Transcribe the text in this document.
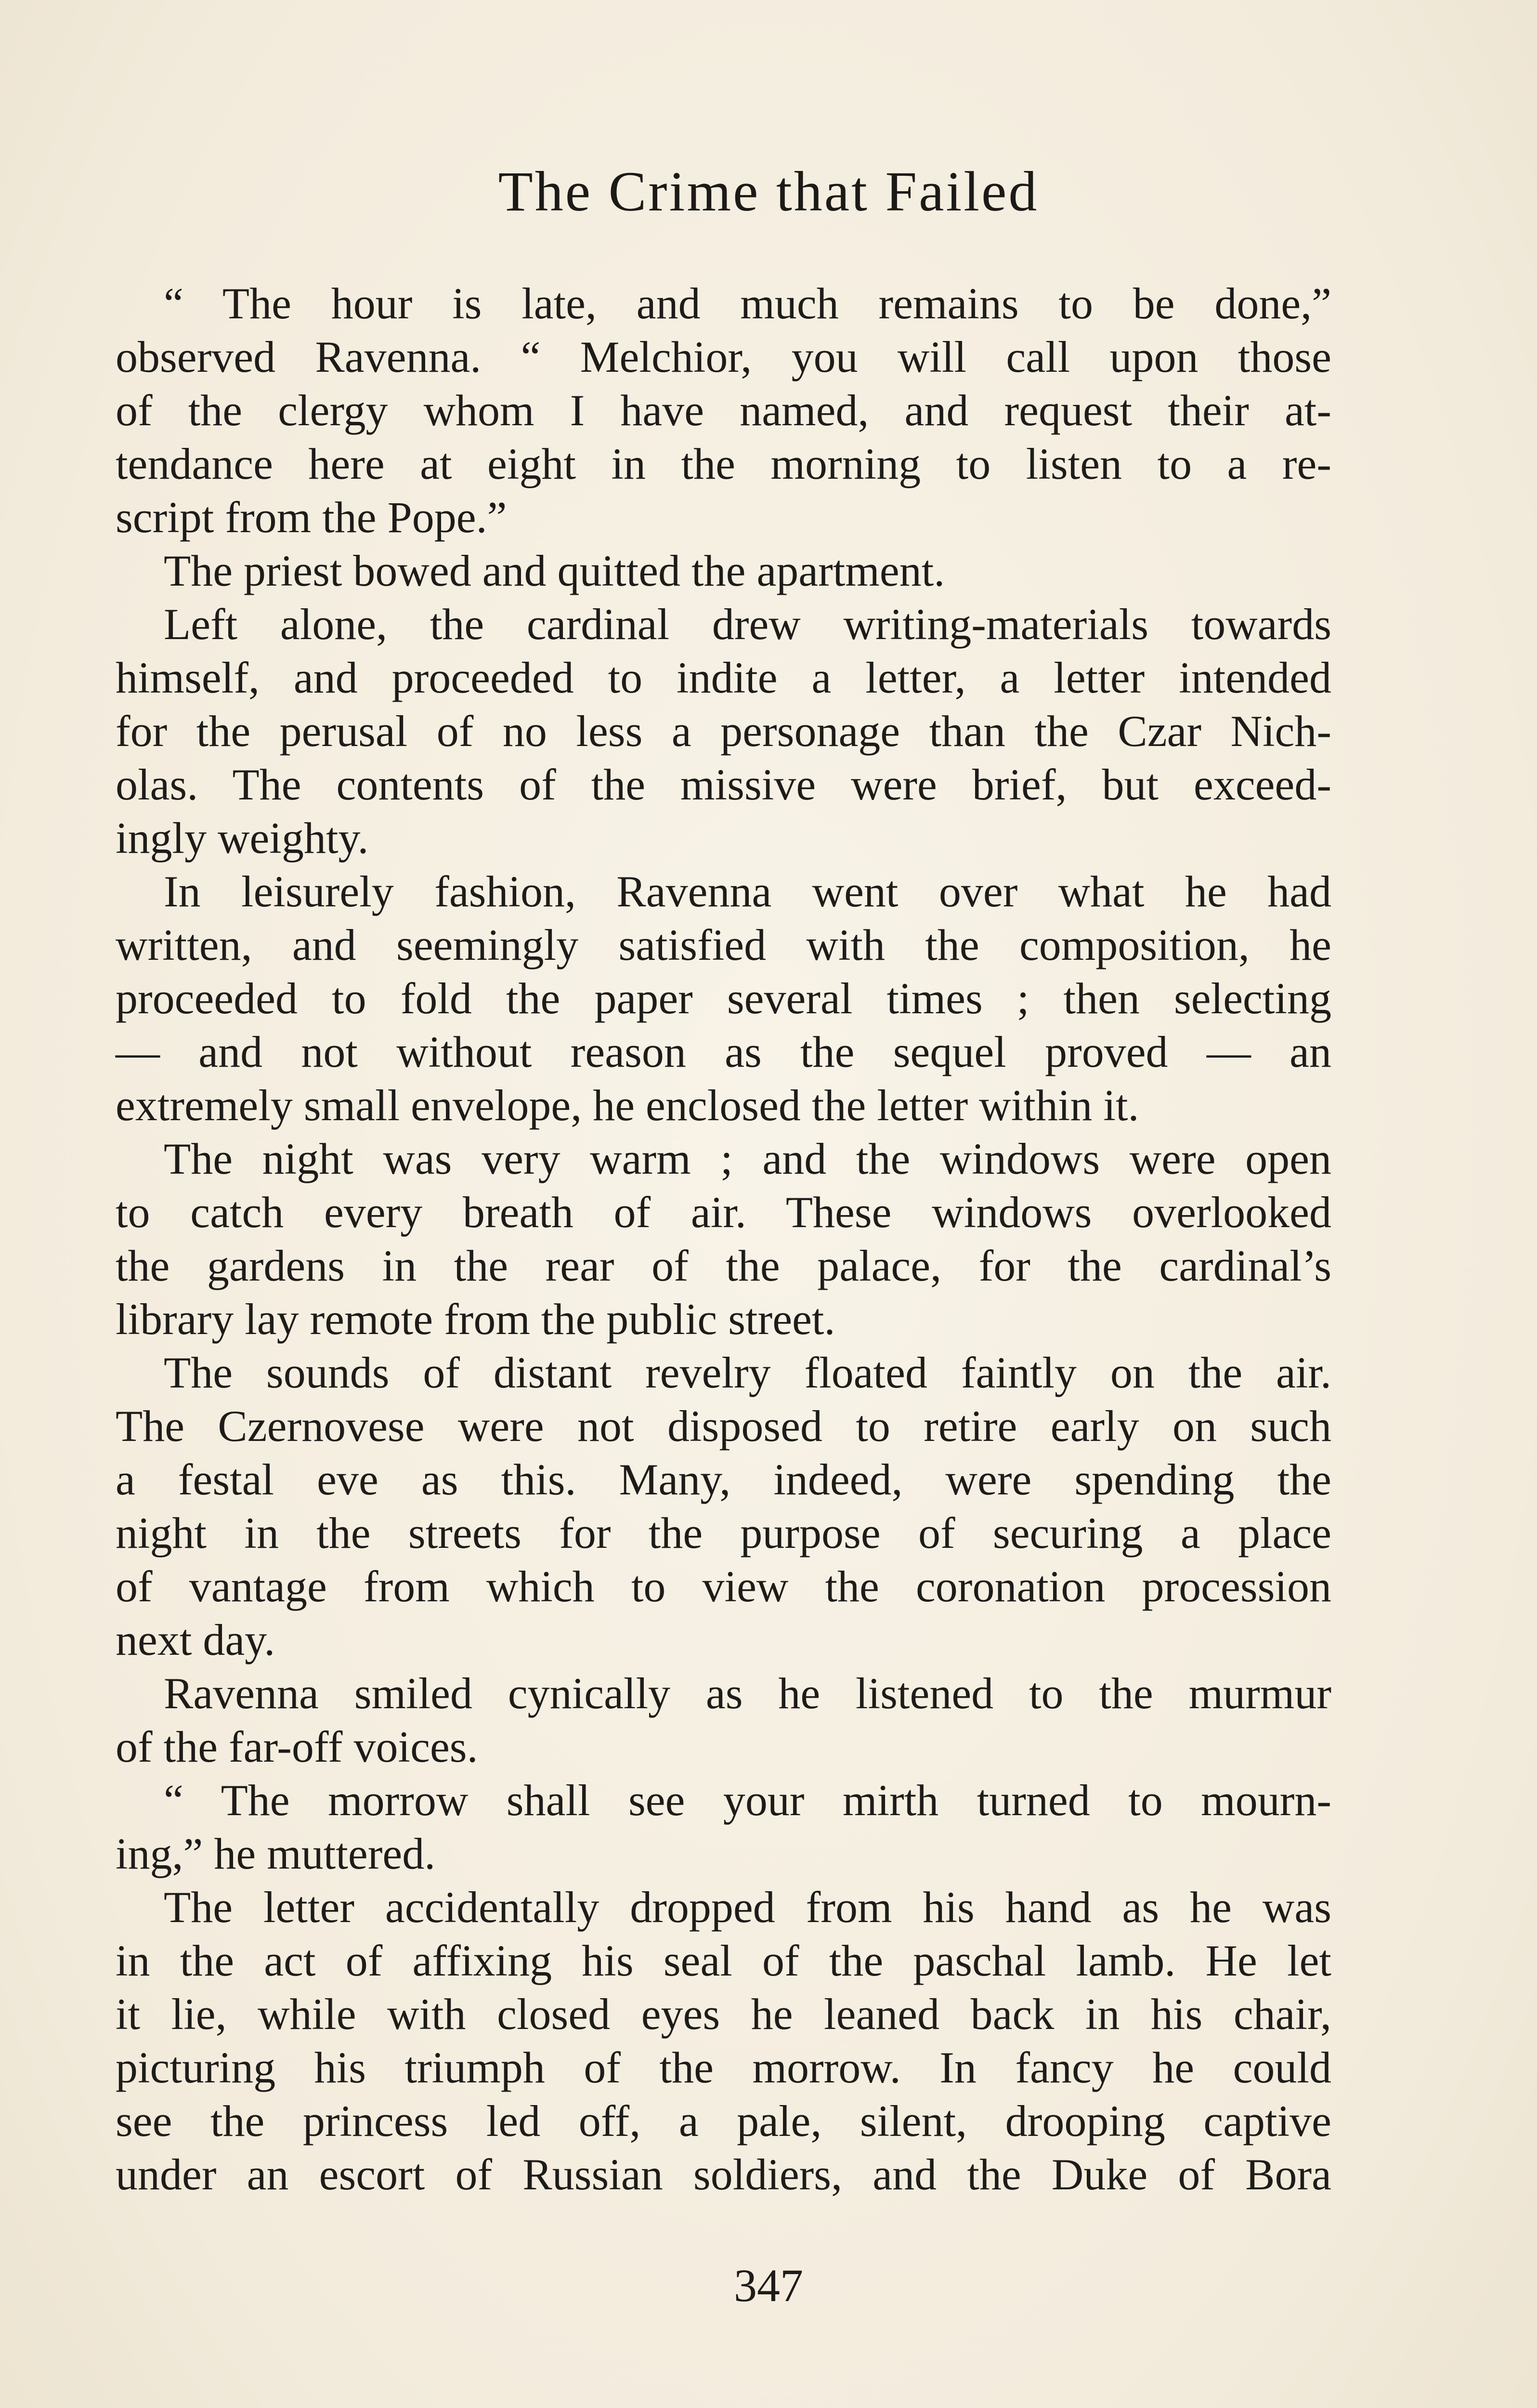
The Crime that Failed
“ The hour is late, and much remains to be done,”
observed Ravenna. “ Melchior, you will call upon those
of the clergy whom I have named, and request their at-
tendance here at eight in the morning to listen to a re-
script from the Pope.”
The priest bowed and quitted the apartment.
Left alone, the cardinal drew writing-materials towards
himself, and proceeded to indite a letter, a letter intended
for the perusal of no less a personage than the Czar Nich-
olas. The contents of the missive were brief, but exceed-
ingly weighty.
In leisurely fashion, Ravenna went over what he had
written, and seemingly satisfied with the composition, he
proceeded to fold the paper several times ; then selecting
— and not without reason as the sequel proved — an
extremely small envelope, he enclosed the letter within it.
The night was very warm ; and the windows were open
to catch every breath of air. These windows overlooked
the gardens in the rear of the palace, for the cardinal’s
library lay remote from the public street.
The sounds of distant revelry floated faintly on the air.
The Czernovese were not disposed to retire early on such
a festal eve as this. Many, indeed, were spending the
night in the streets for the purpose of securing a place
of vantage from which to view the coronation procession
next day.
Ravenna smiled cynically as he listened to the murmur
of the far-off voices.
“ The morrow shall see your mirth turned to mourn-
ing,” he muttered.
The letter accidentally dropped from his hand as he was
in the act of affixing his seal of the paschal lamb. He let
it lie, while with closed eyes he leaned back in his chair,
picturing his triumph of the morrow. In fancy he could
see the princess led off, a pale, silent, drooping captive
under an escort of Russian soldiers, and the Duke of Bora
347
